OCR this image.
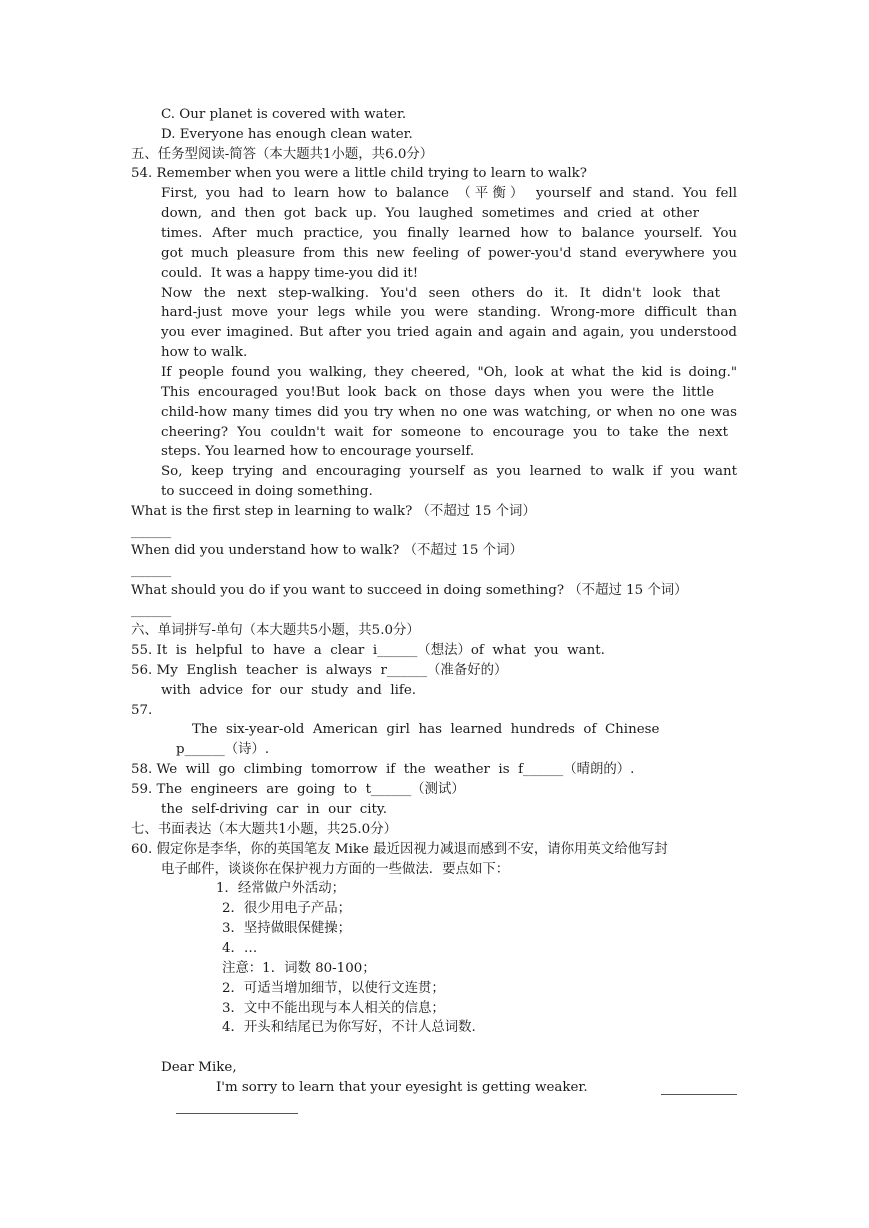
C. Our planet is covered with water.
D. Everyone has enough clean water.
五、任务型阅读-简答（本大题共1小题，共6.0分）
54. Remember when you were a little child trying to learn to walk?
First, you had to learn how to balance （平衡） yourself and stand. You fell
down, and then got back up. You laughed sometimes and cried at other
times. After much practice, you finally learned how to balance yourself. You
got much pleasure from this new feeling of power-you'd stand everywhere you
could.  It was a happy time-you did it!
Now the next step-walking. You'd seen others do it. It didn't look that
hard-just move your legs while you were standing. Wrong-more difficult than
you ever imagined. But after you tried again and again and again, you understood
how to walk.
If people found you walking, they cheered, "Oh, look at what the kid is doing."
This encouraged you!But look back on those days when you were the little
child-how many times did you try when no one was watching, or when no one was
cheering? You couldn't wait for someone to encourage you to take the next
steps. You learned how to encourage yourself.
So, keep trying and encouraging yourself as you learned to walk if you want
to succeed in doing something.
What is the first step in learning to walk? （不超过 15 个词）
______
When did you understand how to walk? （不超过 15 个词）
______
What should you do if you want to succeed in doing something? （不超过 15 个词）
______
六、单词拼写-单句（本大题共5小题，共5.0分）
55. It  is  helpful  to  have  a  clear  i______（想法）of  what  you  want.
56. My  English  teacher  is  always  r______（准备好的）
with  advice  for  our  study  and  life.
57.
The  six-year-old  American  girl  has  learned  hundreds  of  Chinese
p______（诗）.
58. We  will  go  climbing  tomorrow  if  the  weather  is  f______（晴朗的）.
59. The  engineers  are  going  to  t______（测试）
the  self-driving  car  in  our  city.
七、书面表达（本大题共1小题，共25.0分）
60. 假定你是李华，你的英国笔友 Mike 最近因视力减退而感到不安，请你用英文给他写封
电子邮件，谈谈你在保护视力方面的一些做法．要点如下：
1．经常做户外活动；
2．很少用电子产品；
3．坚持做眼保健操；
4．…
注意：1．词数 80-100；
2．可适当增加细节，以使行文连贯；
3．文中不能出现与本人相关的信息；
4．开头和结尾已为你写好，不计人总词数.
Dear Mike,
I'm sorry to learn that your eyesight is getting weaker.
